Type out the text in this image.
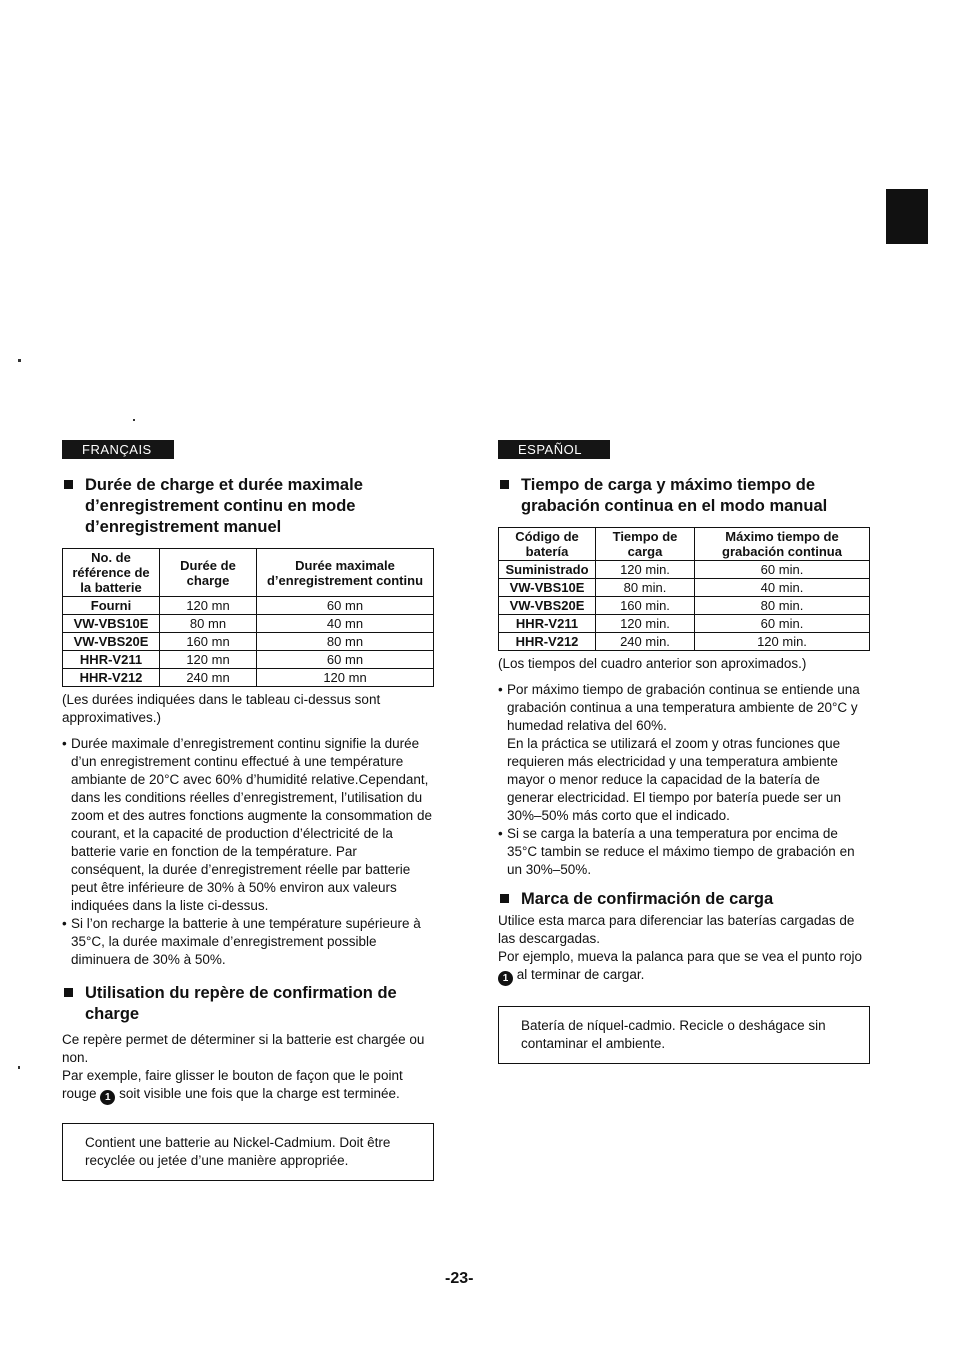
FRANÇAIS
Durée de charge et durée maximale d’enregistrement continu en mode d’enregistrement manuel
No. de référence de la batterie	Durée de charge	Durée maximale d’enregistrement continu
Fourni	120 mn	60 mn
VW-VBS10E	80 mn	40 mn
VW-VBS20E	160 mn	80 mn
HHR-V211	120 mn	60 mn
HHR-V212	240 mn	120 mn

(Les durées indiquées dans le tableau ci-dessus sont approximatives.)

• Durée maximale d’enregistrement continu signifie la durée d’un enregistrement continu effectué à une température ambiante de 20°C avec 60% d’humidité relative.Cependant, dans les conditions réelles d’enregistrement, l’utilisation du zoom et des autres fonctions augmente la consommation de courant, et la capacité de production d’électricité de la batterie varie en fonction de la température. Par conséquent, la durée d’enregistrement réelle par batterie peut être inférieure de 30% à 50% environ aux valeurs indiquées dans la liste ci-dessus.

• Si l’on recharge la batterie à une température supérieure à 35°C, la durée maximale d’enregistrement possible diminuera de 30% à 50%.

Utilisation du repère de confirmation de charge

Ce repère permet de déterminer si la batterie est chargée ou non.

Par exemple, faire glisser le bouton de façon que le point rouge 1 soit visible une fois que la charge est terminée.

Contient une batterie au Nickel-Cadmium. Doit être recyclée ou jetée d’une manière appropriée.
ESPAÑOL
Tiempo de carga y máximo tiempo de grabación continua en el modo manual
Código de batería	Tiempo de carga	Máximo tiempo de grabación continua
Suministrado	120 min.	60 min.
VW-VBS10E	80 min.	40 min.
VW-VBS20E	160 min.	80 min.
HHR-V211	120 min.	60 min.
HHR-V212	240 min.	120 min.

(Los tiempos del cuadro anterior son aproximados.)

• Por máximo tiempo de grabación continua se entiende una grabación continua a una temperatura ambiente de 20°C y humedad relativa del 60%.
En la práctica se utilizará el zoom y otras funciones que requieren más electricidad y una temperatura ambiente mayor o menor reduce la capacidad de la batería de generar electricidad. El tiempo por batería puede ser un 30%–50% más corto que el indicado.

• Si se carga la batería a una temperatura por encima de 35°C tambin se reduce el máximo tiempo de grabación en un 30%–50%.

Marca de confirmación de carga

Utilice esta marca para diferenciar las baterías cargadas de las descargadas.

Por ejemplo, mueva la palanca para que se vea el punto rojo 1 al terminar de cargar.

Batería de níquel-cadmio. Recicle o deshágace sin contaminar el ambiente.
-23-
